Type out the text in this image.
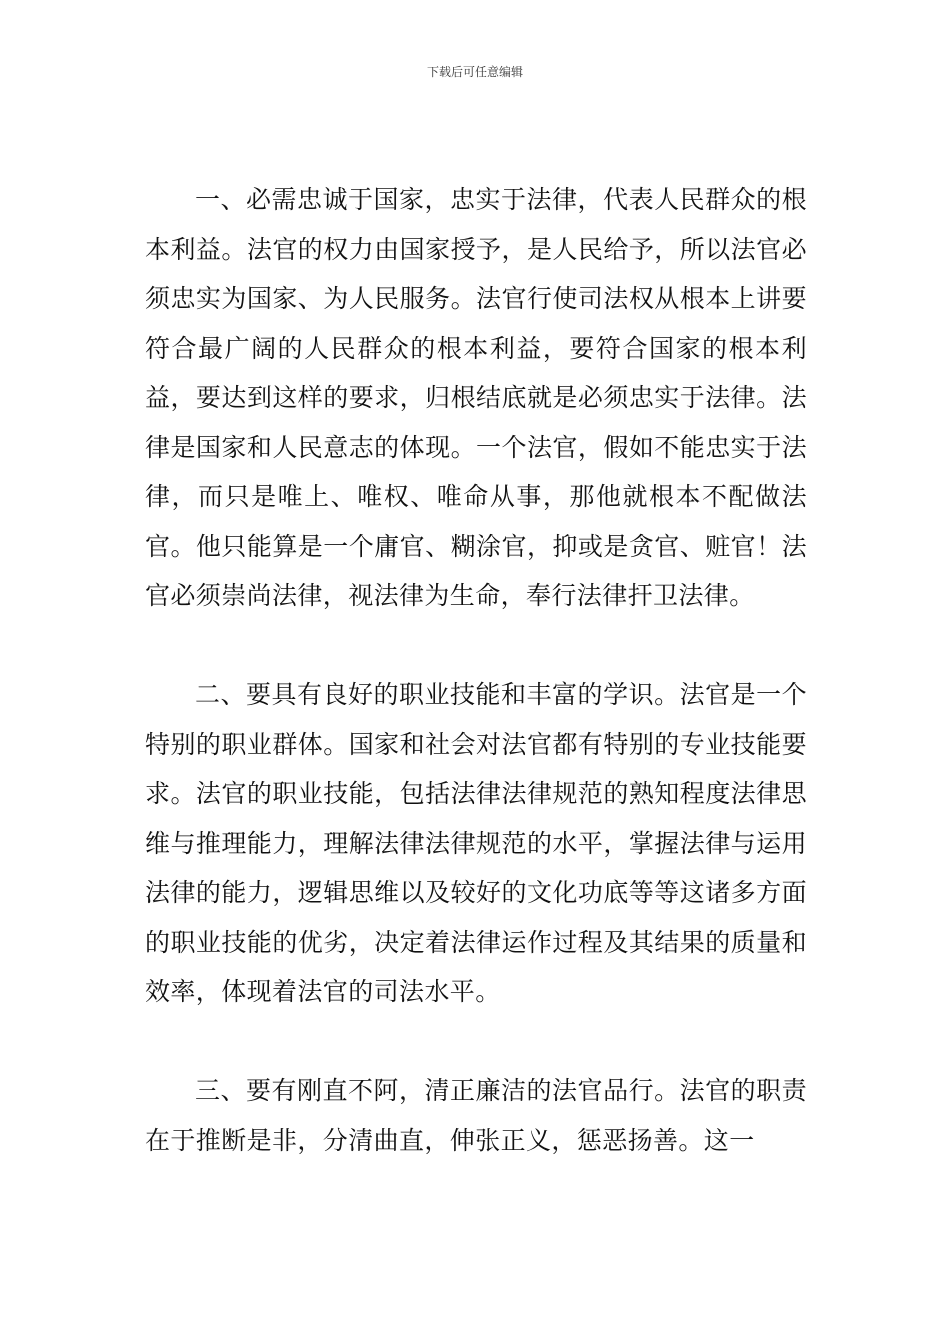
下载后可任意编辑

一、必需忠诚于国家，忠实于法律，代表人民群众的根本利益。法官的权力由国家授予，是人民给予，所以法官必须忠实为国家、为人民服务。法官行使司法权从根本上讲要符合最广阔的人民群众的根本利益，要符合国家的根本利益，要达到这样的要求，归根结底就是必须忠实于法律。法律是国家和人民意志的体现。一个法官，假如不能忠实于法律，而只是唯上、唯权、唯命从事，那他就根本不配做法官。他只能算是一个庸官、糊涂官，抑或是贪官、赃官！法官必须崇尚法律，视法律为生命，奉行法律扞卫法律。

二、要具有良好的职业技能和丰富的学识。法官是一个特别的职业群体。国家和社会对法官都有特别的专业技能要求。法官的职业技能，包括法律法律规范的熟知程度法律思维与推理能力，理解法律法律规范的水平，掌握法律与运用法律的能力，逻辑思维以及较好的文化功底等等这诸多方面的职业技能的优劣，决定着法律运作过程及其结果的质量和效率，体现着法官的司法水平。

三、要有刚直不阿，清正廉洁的法官品行。法官的职责在于推断是非，分清曲直，伸张正义，惩恶扬善。这一
